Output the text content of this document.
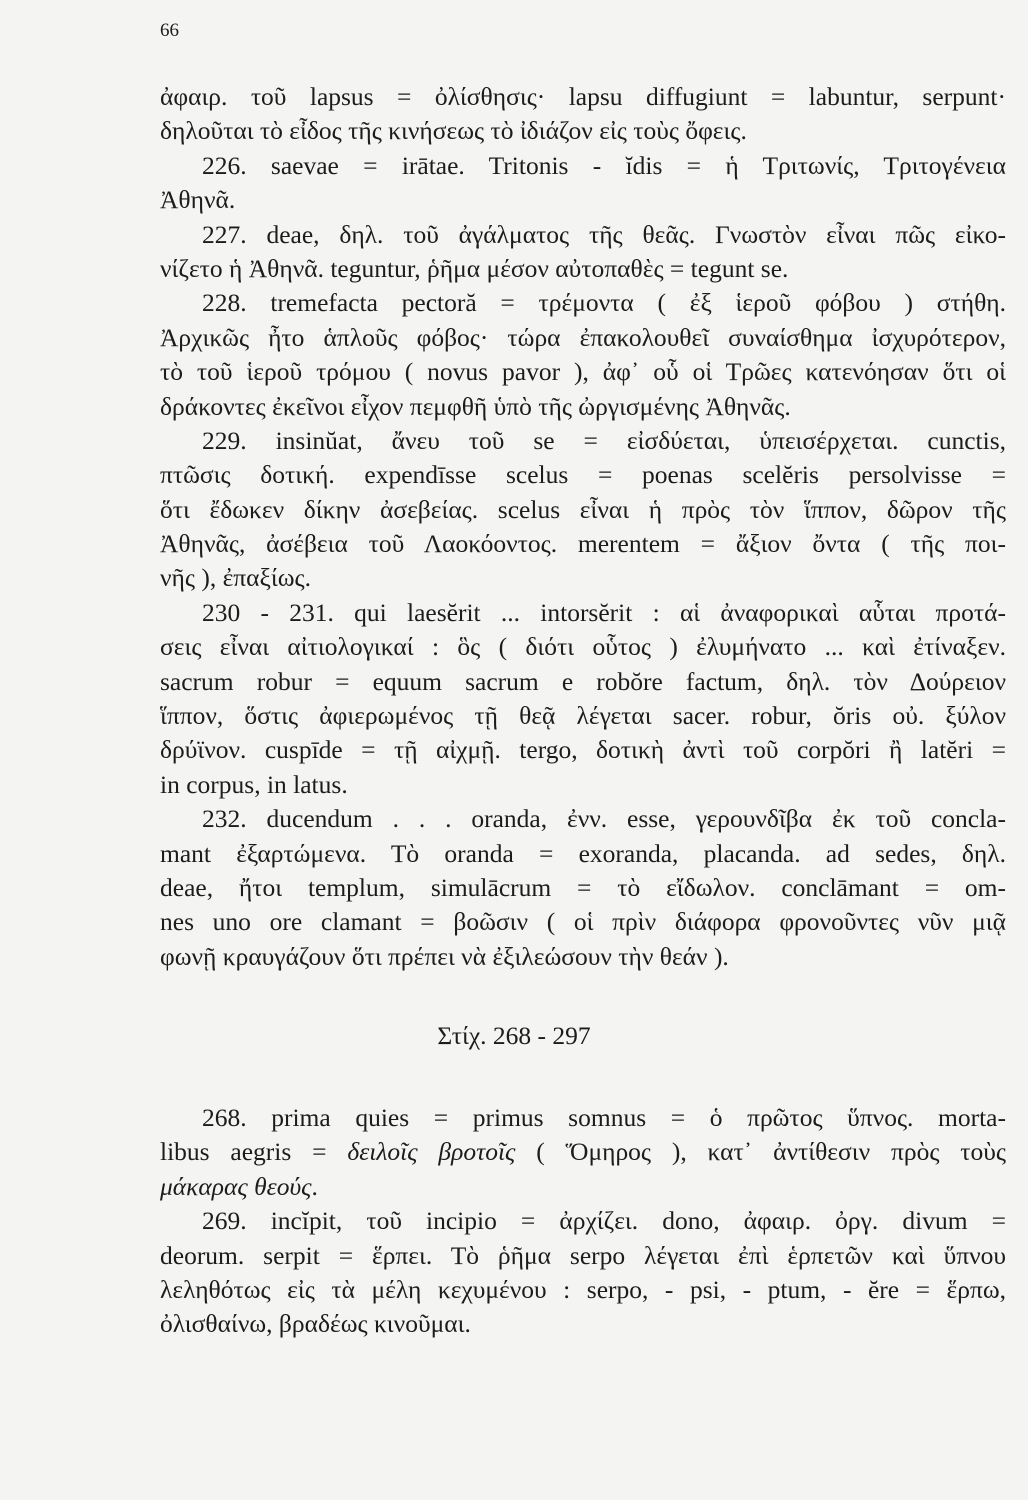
66
ἀφαιρ. τοῦ lapsus = ὀλίσθησις· lapsu diffugiunt = labuntur, serpunt·
δηλοῦται τὸ εἶδος τῆς κινήσεως τὸ ἰδιάζον εἰς τοὺς ὄφεις.
226. saevae = irātae. Tritonis - ĭdis = ἡ Τριτωνίς, Τριτογένεια
Ἀθηνᾶ.
227. deae, δηλ. τοῦ ἀγάλματος τῆς θεᾶς. Γνωστὸν εἶναι πῶς εἰκο-
νίζετο ἡ Ἀθηνᾶ. teguntur, ῥῆμα μέσον αὐτοπαθὲς = tegunt se.
228. tremefacta pectoră = τρέμοντα ( ἐξ ἱεροῦ φόβου ) στήθη.
Ἀρχικῶς ἦτο ἁπλοῦς φόβος· τώρα ἐπακολουθεῖ συναίσθημα ἰσχυρότερον,
τὸ τοῦ ἱεροῦ τρόμου ( novus pavor ), ἀφ᾽ οὗ οἱ Τρῶες κατενόησαν ὅτι οἱ
δράκοντες ἐκεῖνοι εἶχον πεμφθῆ ὑπὸ τῆς ὠργισμένης Ἀθηνᾶς.
229. insinŭat, ἄνευ τοῦ se = εἰσδύεται, ὑπεισέρχεται. cunctis,
πτῶσις δοτική. expendīsse scelus = poenas scelĕris persolvisse =
ὅτι ἔδωκεν δίκην ἀσεβείας. scelus εἶναι ἡ πρὸς τὸν ἵππον, δῶρον τῆς
Ἀθηνᾶς, ἀσέβεια τοῦ Λαοκόοντος. merentem = ἄξιον ὄντα ( τῆς ποι-
νῆς ), ἐπαξίως.
230 - 231. qui laesĕrit ... intorsĕrit : αἱ ἀναφορικαὶ αὗται προτά-
σεις εἶναι αἰτιολογικαί : ὃς ( διότι οὗτος ) ἐλυμήνατο ... καὶ ἐτίναξεν.
sacrum robur = equum sacrum e robŏre factum, δηλ. τὸν Δούρειον
ἵππον, ὅστις ἀφιερωμένος τῇ θεᾷ λέγεται sacer. robur, ŏris οὐ. ξύλον
δρύϊνον. cuspīde = τῇ αἰχμῇ. tergo, δοτικὴ ἀντὶ τοῦ corpŏri ἢ latĕri =
in corpus, in latus.
232. ducendum . . . oranda, ἐνν. esse, γερουνδῖβα ἐκ τοῦ concla-
mant ἐξαρτώμενα. Τὸ oranda = exoranda, placanda. ad sedes, δηλ.
deae, ἤτοι templum, simulācrum = τὸ εἴδωλον. conclāmant = om-
nes uno ore clamant = βοῶσιν ( οἱ πρὶν διάφορα φρονοῦντες νῦν μιᾷ
φωνῇ κραυγάζουν ὅτι πρέπει νὰ ἐξιλεώσουν τὴν θεάν ).
Στίχ. 268 - 297
268. prima quies = primus somnus = ὁ πρῶτος ὕπνος. morta-
libus aegris = δειλοῖς βροτοῖς ( Ὅμηρος ), κατ᾽ ἀντίθεσιν πρὸς τοὺς
μάκαρας θεούς.
269. incĭpit, τοῦ incipio = ἀρχίζει. dono, ἀφαιρ. ὀργ. divum =
deorum. serpit = ἕρπει. Τὸ ῥῆμα serpo λέγεται ἐπὶ ἑρπετῶν καὶ ὕπνου
λεληθότως εἰς τὰ μέλη κεχυμένου : serpo, - psi, - ptum, - ĕre = ἕρπω,
ὀλισθαίνω, βραδέως κινοῦμαι.
